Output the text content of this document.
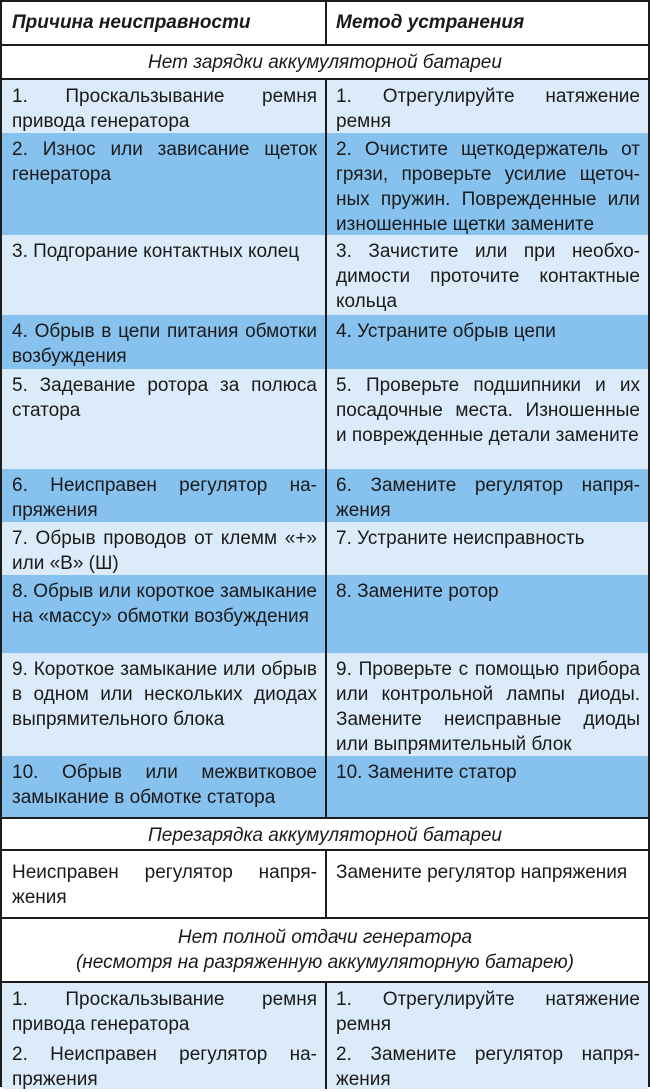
Причина неисправности	Метод устранения
Нет зарядки аккумуляторной батареи
1. Проскальзывание ремня привода генератора
1. Отрегулируйте натяжение ремня
2. Износ или зависание щеток генератора
2. Очистите щеткодержатель от грязи, проверьте усилие щеточных пружин. Поврежденные или изношенные щетки замените
3. Подгорание контактных колец	3. Зачистите или при необходимости проточите контактные кольца
4. Обрыв в цепи питания обмотки возбуждения
4. Устраните обрыв цепи
5. Задевание ротора за полюса статора
5. Проверьте подшипники и их посадочные места. Изношенные и поврежденные детали замените
6. Неисправен регулятор напряжения
6. Замените регулятор напряжения
7. Обрыв проводов от клемм «+» или «В» (Ш)
7. Устраните неисправность
8. Обрыв или короткое замыкание на «массу» обмотки возбуждения
8. Замените ротор
9. Короткое замыкание или обрыв в одном или нескольких диодах выпрямительного блока
9. Проверьте с помощью прибора или контрольной лампы диоды. Замените неисправные диоды или выпрямительный блок
10. Обрыв или межвитковое замыкание в обмотке статора
10. Замените статор
Перезарядка аккумуляторной батареи
Неисправен регулятор напряжения
Замените регулятор напряжения
Нет полной отдачи генератора
(несмотря на разряженную аккумуляторную батарею)
1. Проскальзывание ремня привода генератора
1. Отрегулируйте натяжение ремня
2. Неисправен регулятор напряжения
2. Замените регулятор напряжения
